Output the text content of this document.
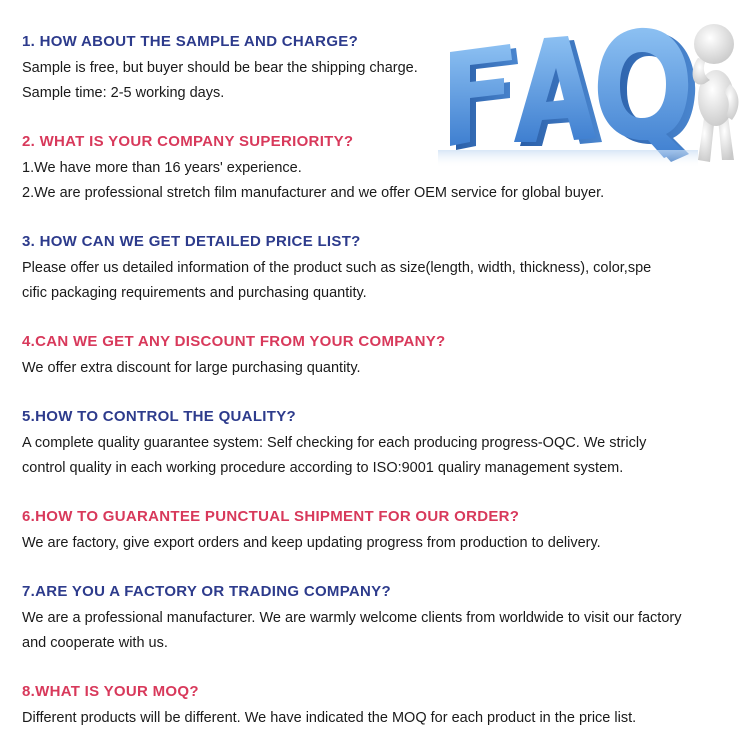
1. HOW ABOUT THE SAMPLE AND CHARGE?
Sample is free, but buyer should be bear the shipping charge.
Sample time: 2-5 working days.
2. WHAT IS YOUR COMPANY SUPERIORITY?
1.We have more than 16 years' experience.
2.We are professional stretch film manufacturer and we offer OEM service for global buyer.
3. HOW CAN WE GET DETAILED PRICE LIST?
Please offer us detailed information of the product such as size(length, width, thickness), color,spe
cific packaging requirements and purchasing quantity.
4.CAN WE GET ANY DISCOUNT FROM YOUR COMPANY?
We offer extra discount for large purchasing quantity.
5.HOW TO CONTROL THE QUALITY?
A complete quality guarantee system: Self checking for each producing progress-OQC. We stricly
control quality in each working procedure according to ISO:9001 qualiry management system.
6.HOW TO GUARANTEE PUNCTUAL SHIPMENT FOR OUR ORDER?
We are factory, give export orders and keep updating progress from production to delivery.
7.ARE YOU A FACTORY OR TRADING COMPANY?
We are a professional manufacturer. We are warmly welcome clients from worldwide to visit our factory
and cooperate with us.
8.WHAT IS YOUR MOQ?
Different products will be different. We have indicated the MOQ for each product in the price list.
